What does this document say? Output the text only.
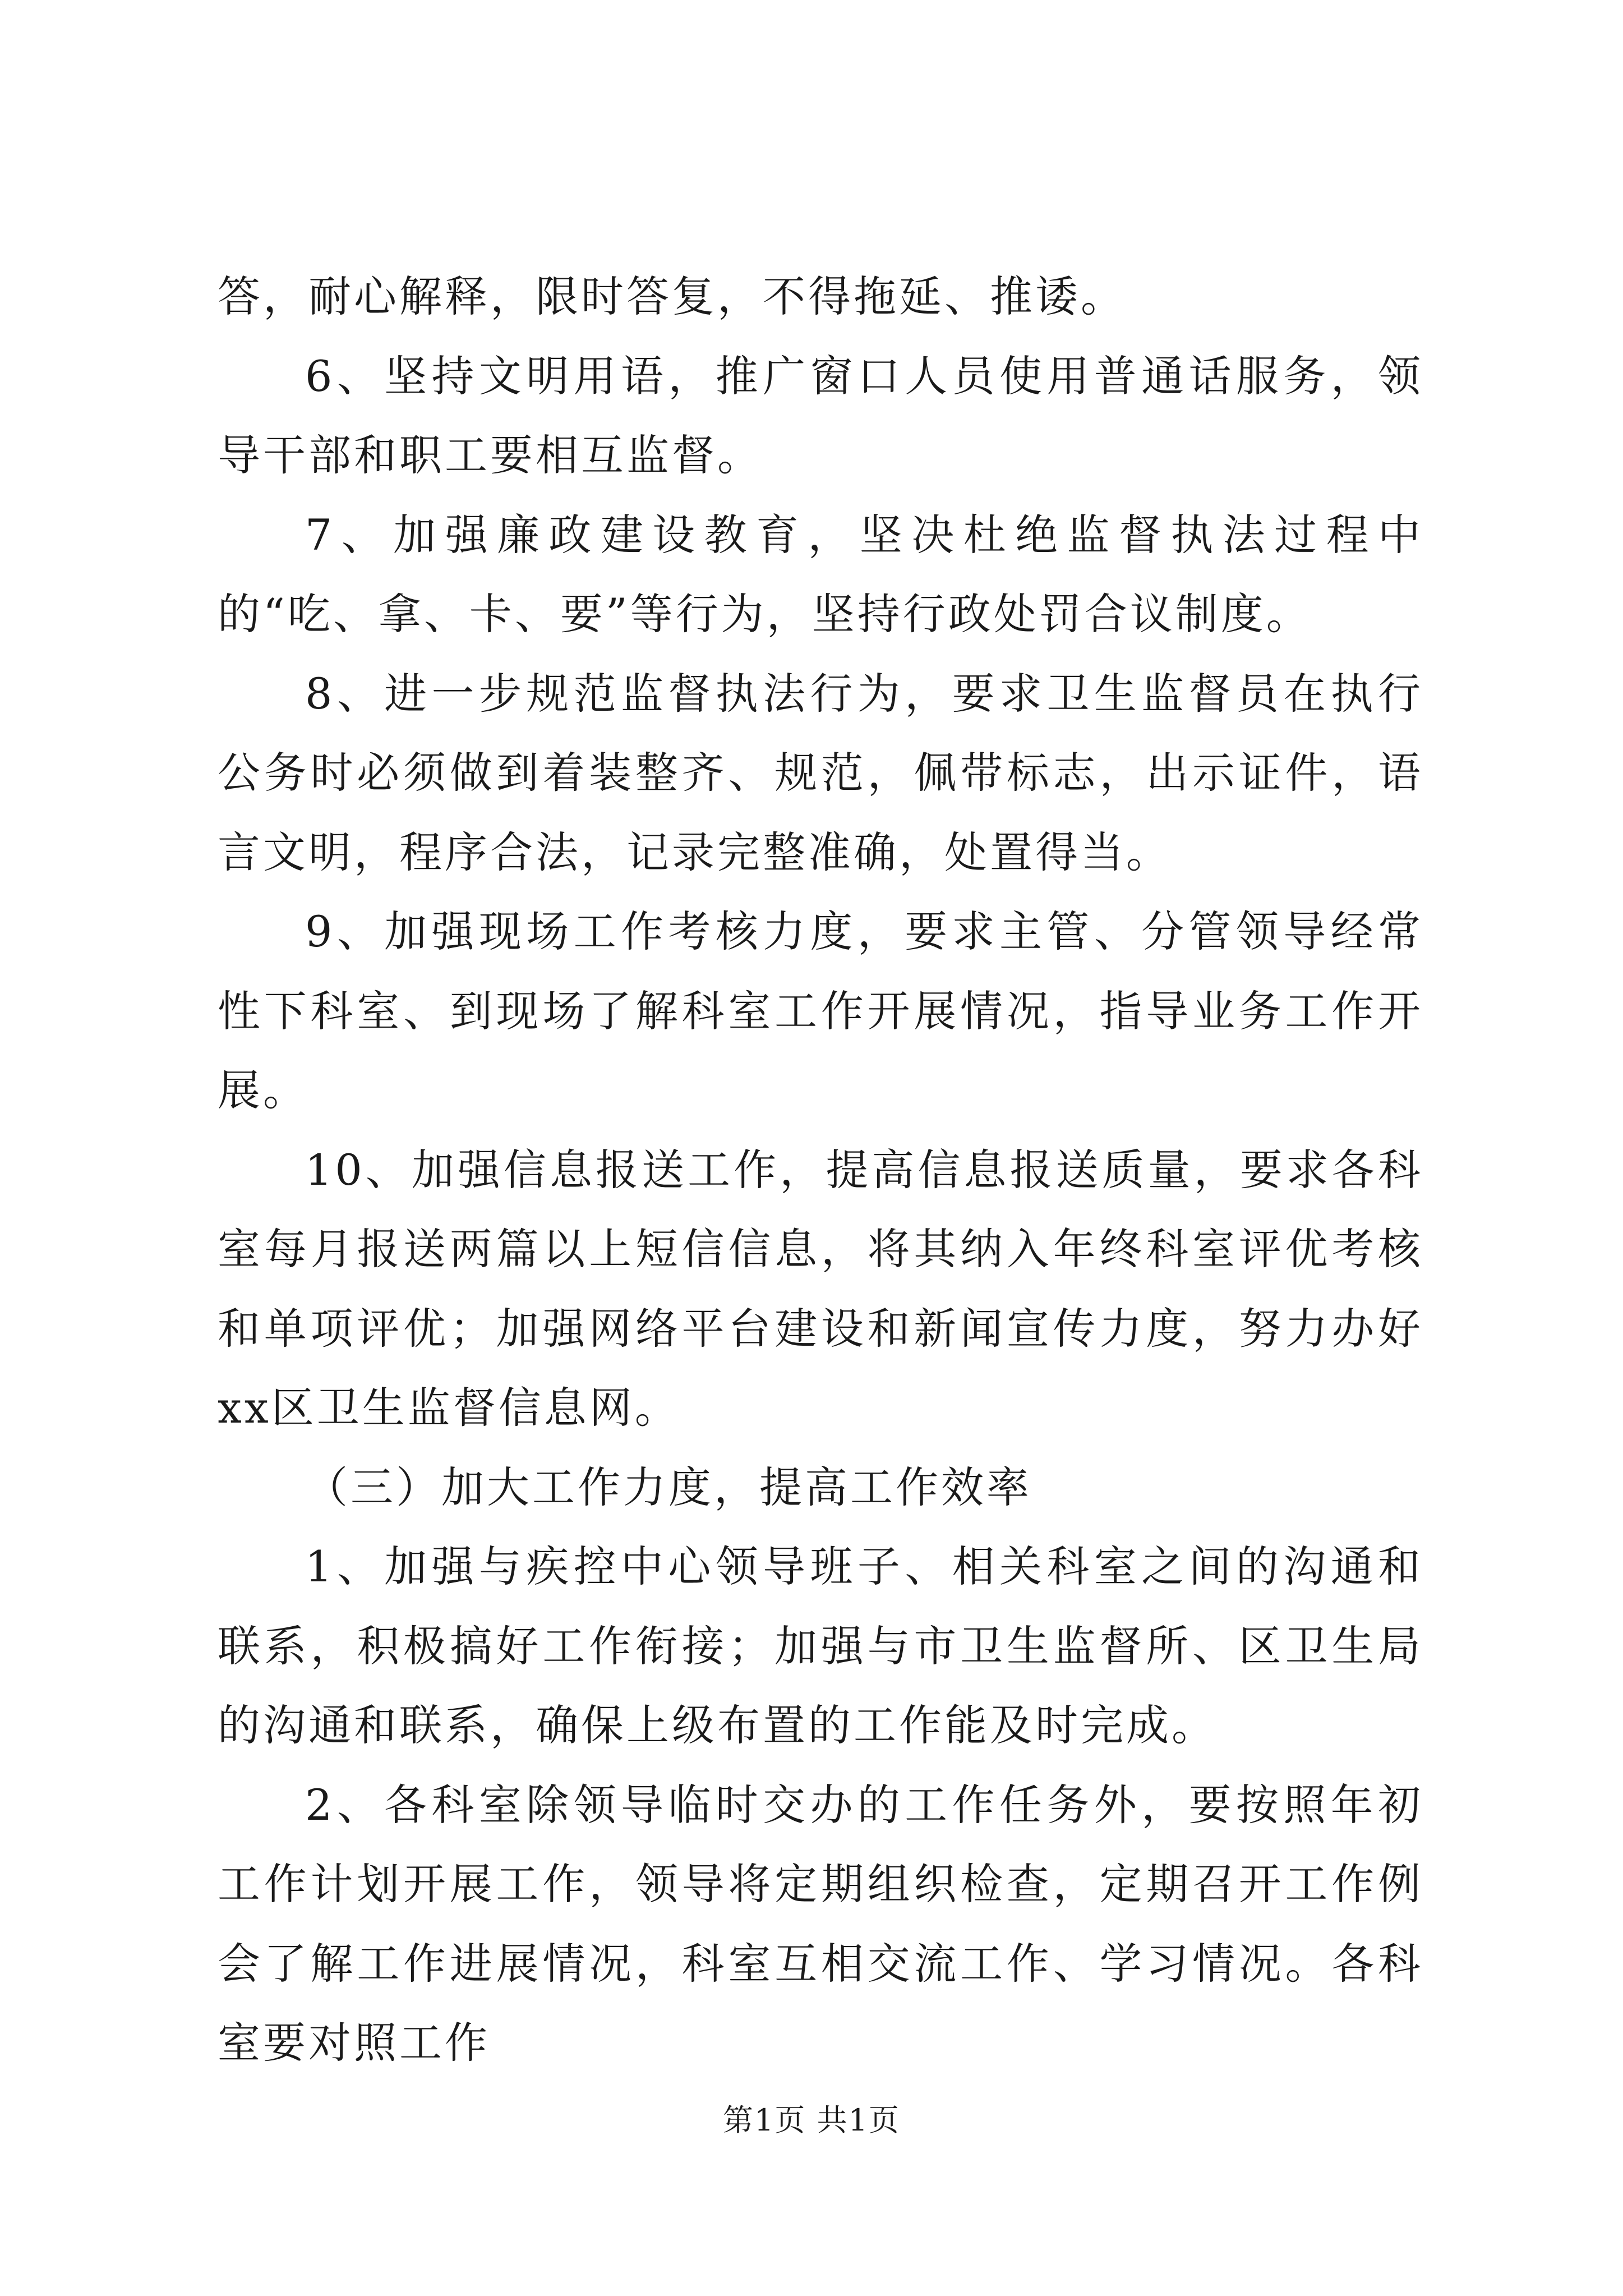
答，耐心解释，限时答复，不得拖延、推诿。

6、坚持文明用语，推广窗口人员使用普通话服务，领导干部和职工要相互监督。

7、加强廉政建设教育，坚决杜绝监督执法过程中的“吃、拿、卡、要”等行为，坚持行政处罚合议制度。

8、进一步规范监督执法行为，要求卫生监督员在执行公务时必须做到着装整齐、规范，佩带标志，出示证件，语言文明，程序合法，记录完整准确，处置得当。

9、加强现场工作考核力度，要求主管、分管领导经常性下科室、到现场了解科室工作开展情况，指导业务工作开展。

10、加强信息报送工作，提高信息报送质量，要求各科室每月报送两篇以上短信信息，将其纳入年终科室评优考核和单项评优；加强网络平台建设和新闻宣传力度，努力办好xx区卫生监督信息网。

（三）加大工作力度，提高工作效率

1、加强与疾控中心领导班子、相关科室之间的沟通和联系，积极搞好工作衔接；加强与市卫生监督所、区卫生局的沟通和联系，确保上级布置的工作能及时完成。

2、各科室除领导临时交办的工作任务外，要按照年初工作计划开展工作，领导将定期组织检查，定期召开工作例会了解工作进展情况，科室互相交流工作、学习情况。各科室要对照工作

第1页 共1页
